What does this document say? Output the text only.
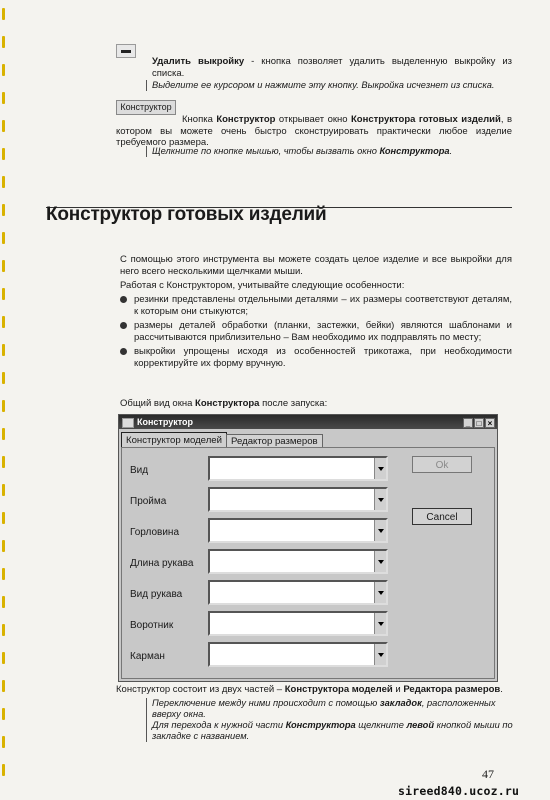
Удалить выкройку - кнопка позволяет удалить выделенную выкройку из списка.

Выделите ее курсором и нажмите эту кнопку. Выкройка исчезнет из списка.
Конструктор

Кнопка Конструктор открывает окно Конструктора готовых изделий, в котором вы можете очень быстро сконструировать практически любое изделие требуемого размера.

Щелкните по кнопке мышью, чтобы вызвать окно Конструктора.
Конструктор готовых изделий

С помощью этого инструмента вы можете создать целое изделие и все выкройки для него всего несколькими щелчками мыши.

Работая с Конструктором, учитывайте следующие особенности:

резинки представлены отдельными деталями – их размеры соответствуют деталям, к которым они стыкуются;
размеры деталей обработки (планки, застежки, бейки) являются шаблонами и рассчитываются приблизительно – Вам необходимо их подправлять по месту;
выкройки упрощены исходя из особенностей трикотажа, при необходимости корректируйте их форму вручную.

Общий вид окна Конструктора после запуска:

Конструктор	_ □ ×
Конструктор моделей Редактор размеров
Вид
Пройма
Горловина
Длина рукава
Вид рукава
Воротник
Карман
Ok
Cancel

Конструктор состоит из двух частей – Конструктора моделей и Редактора размеров.

Переключение между ними происходит с помощью закладок, расположенных вверху окна.
Для перехода к нужной части Конструктора щелкните левой кнопкой мыши по закладке с названием.
47
sireed840.ucoz.ru
